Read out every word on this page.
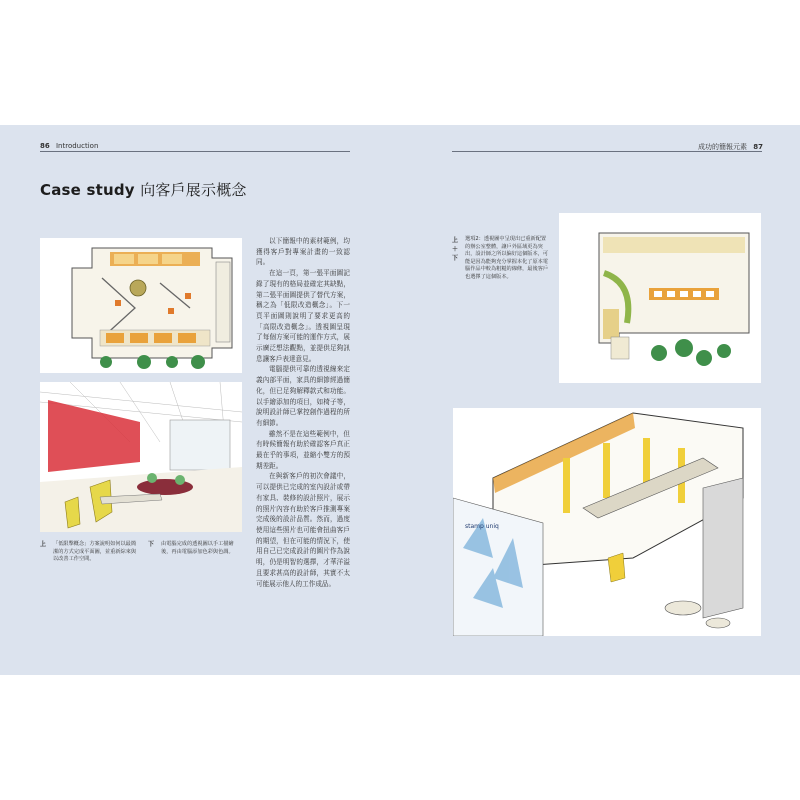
86 Introduction	成功的簡報元素 87
Case study 向客戶展示概念
上 「低限擊概念」方案說明如何以最簡潔的方式完成平面圖，並重新綜來與以改善工作空間。
下 由電腦完成的透視圖以手工描繪後，再由電腦添加色彩與色調。

以下簡報中的素材範例，均獲得客戶對專案計畫的一致認同。

在這一頁，第一張平面圖記錄了現有的格局並確定其缺點，第二張平面圖提供了替代方案，稱之為「低限改造概念」。下一頁平面圖則說明了要求更高的「高限改造概念」。透視圖呈現了每個方案可能的運作方式，展示廣泛想法觀點，並提供足夠訊息讓客戶表達意見。

電腦提供可靠的透視線來定義內部平面，家具的細節經過簡化，但已足夠解釋款式和功能。以手繪添加的項目，如椅子等，說明設計師已掌控創作過程的所有細節。

雖然不是在這些範例中，但有時候簡報有助於確認客戶真正最在乎的事項，並縮小雙方的預期差距。

在與新客戶的初次會議中，可以提供已完成的室內設計或帶有家具、裝修的設計照片，展示的照片內容有助於客戶推測專案完成後的設計品質。然而，過度使用這些照片也可能會扭曲客戶的期望，但在可能的情況下，使用自己已完成設計的圖片作為說明，仍是明智的選擇，才華洋溢且要求甚高的設計師，其實不太可能展示他人的工作成品。

上＋下
選項2：透視圖中呈現出已重新配置的辦公室整體，讓戶外區域更為突出，設計師之所以偏好這個版本，可能是因為能夠充分掌握本化了原本電腦作品中較為粗糙的線條，最後客戶也選擇了這個版本。
stamp uniq
